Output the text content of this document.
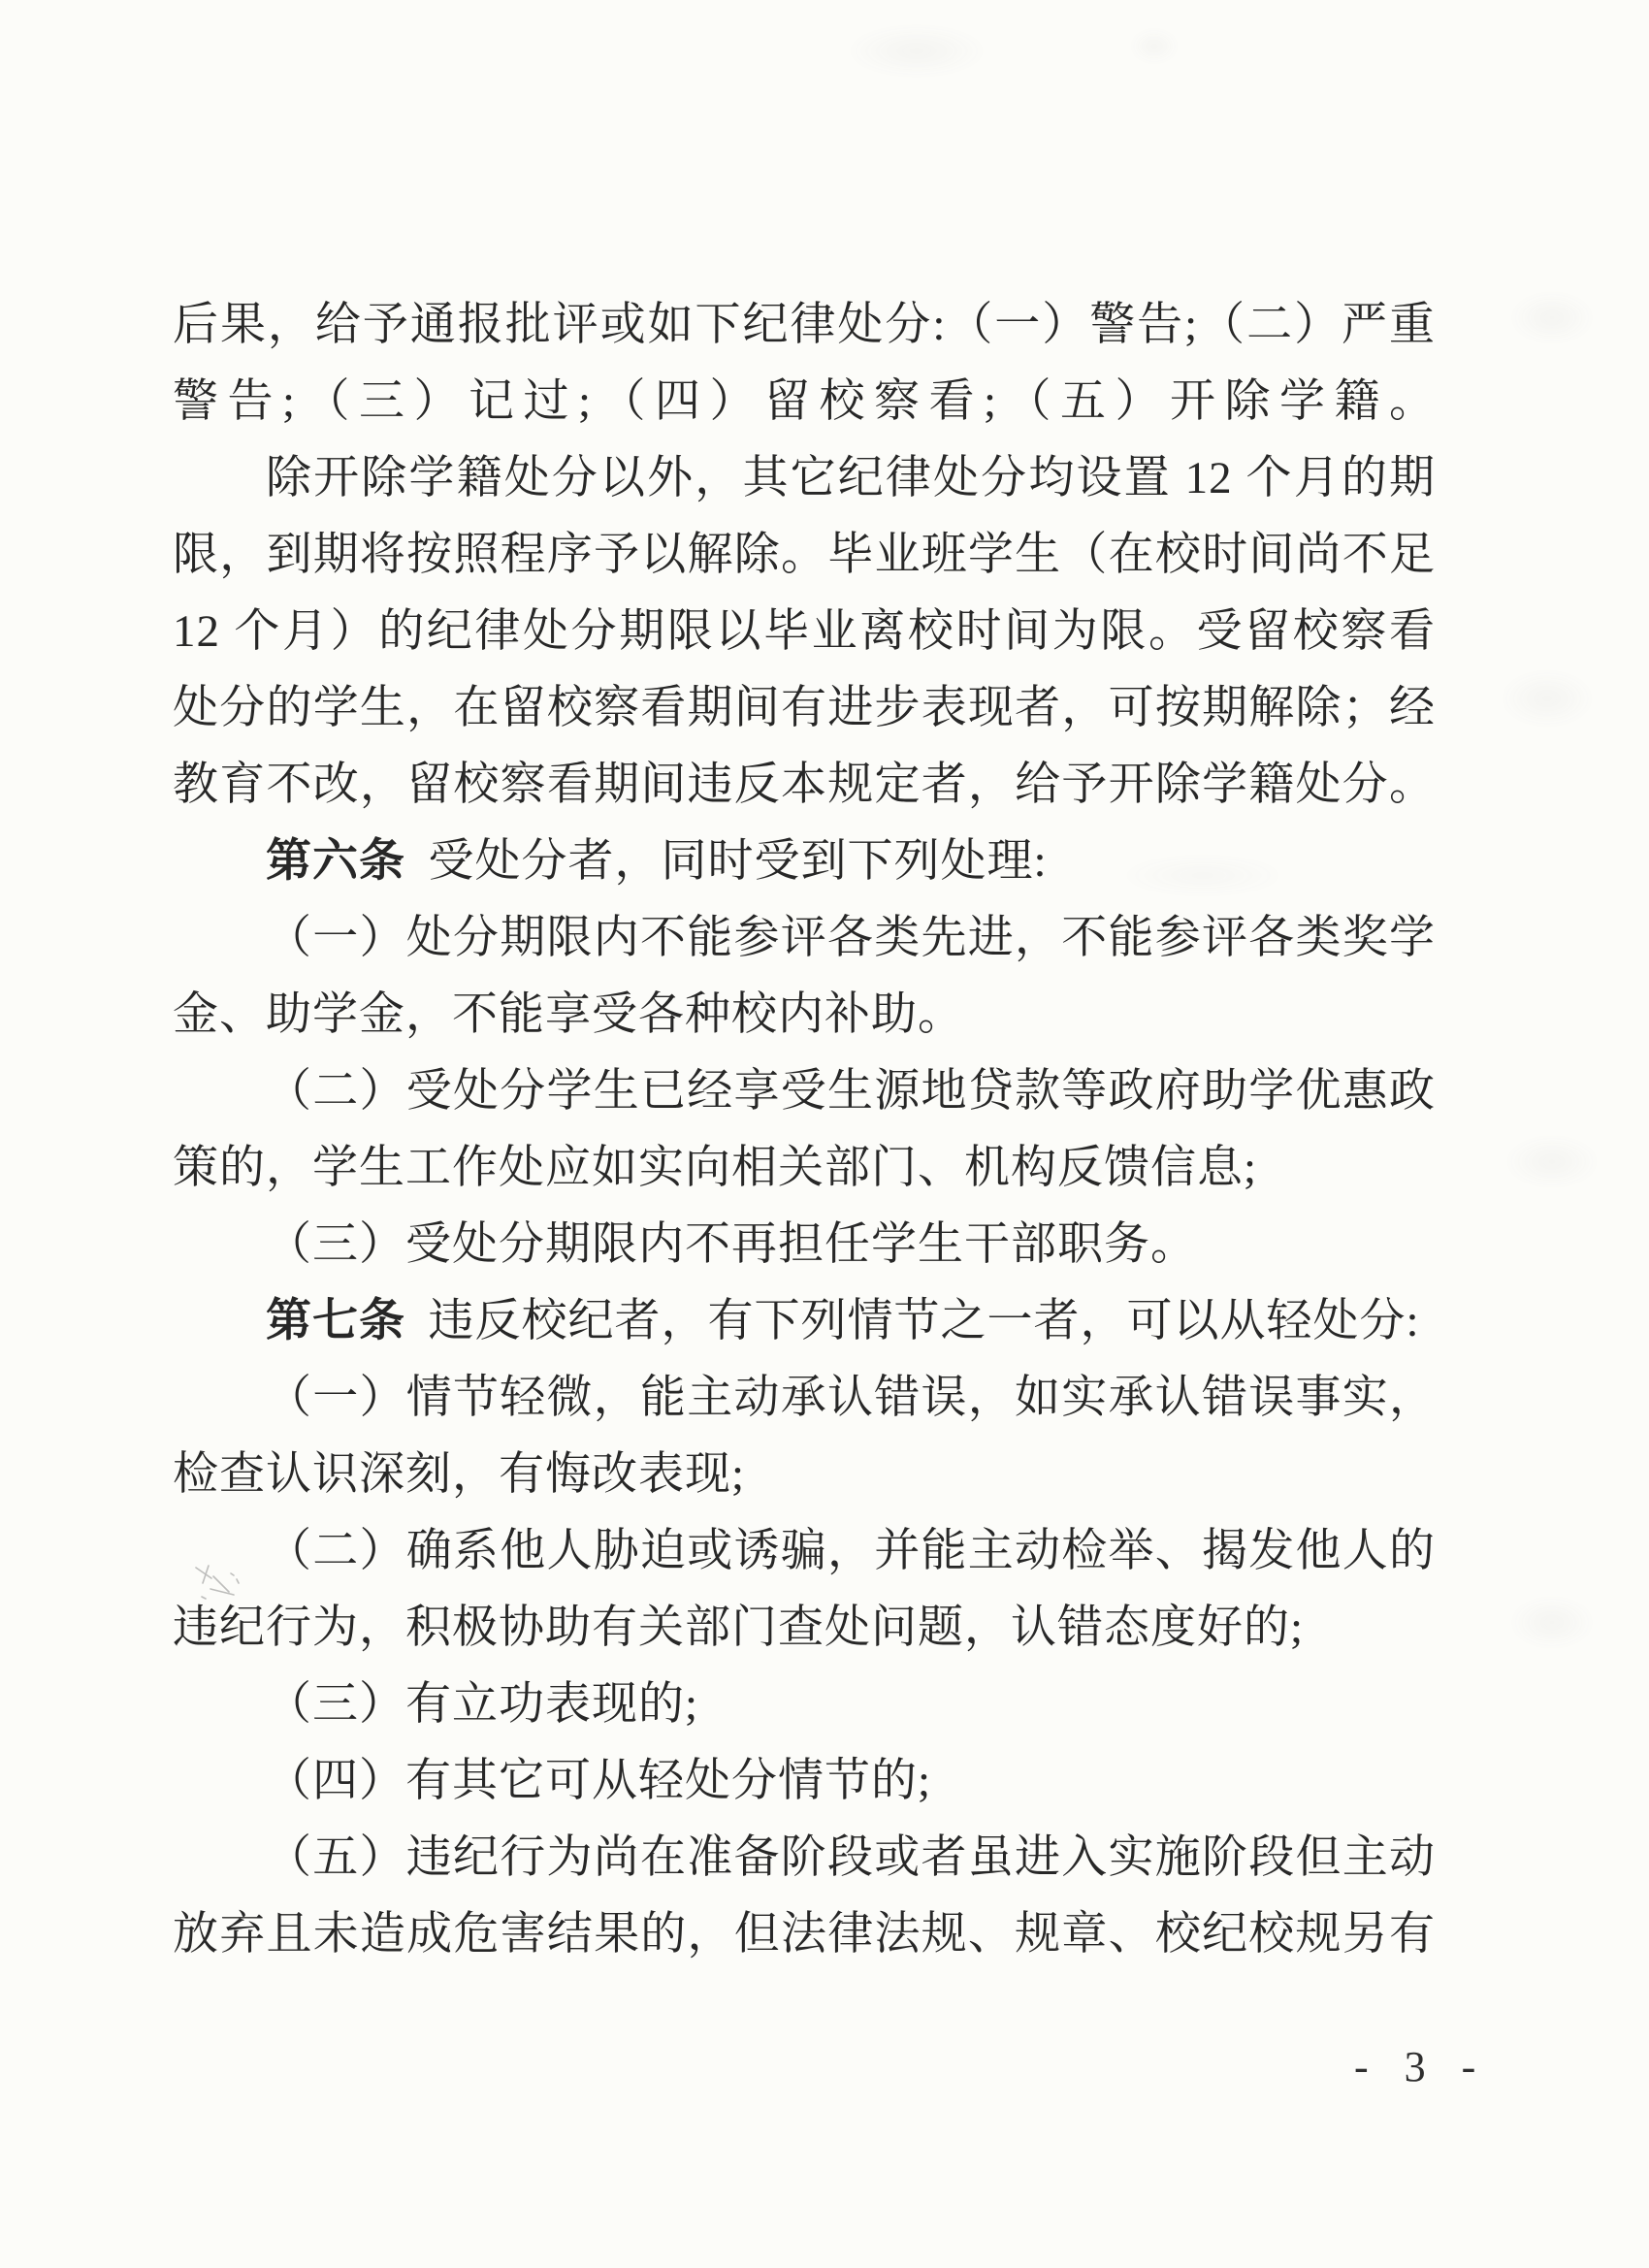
后果，给予通报批评或如下纪律处分:（一）警告;（二）严重
警告;（三）记过;（四）留校察看;（五）开除学籍。
除开除学籍处分以外，其它纪律处分均设置 12 个月的期
限，到期将按照程序予以解除。毕业班学生（在校时间尚不足
12 个月）的纪律处分期限以毕业离校时间为限。受留校察看
处分的学生，在留校察看期间有进步表现者，可按期解除；经
教育不改，留校察看期间违反本规定者，给予开除学籍处分。
第六条 受处分者，同时受到下列处理:
（一）处分期限内不能参评各类先进，不能参评各类奖学
金、助学金，不能享受各种校内补助。
（二）受处分学生已经享受生源地贷款等政府助学优惠政
策的，学生工作处应如实向相关部门、机构反馈信息;
（三）受处分期限内不再担任学生干部职务。
第七条 违反校纪者，有下列情节之一者，可以从轻处分:
（一）情节轻微，能主动承认错误，如实承认错误事实，
检查认识深刻，有悔改表现;
（二）确系他人胁迫或诱骗，并能主动检举、揭发他人的
违纪行为，积极协助有关部门查处问题，认错态度好的;
（三）有立功表现的;
（四）有其它可从轻处分情节的;
（五）违纪行为尚在准备阶段或者虽进入实施阶段但主动
放弃且未造成危害结果的，但法律法规、规章、校纪校规另有
- 3 -
